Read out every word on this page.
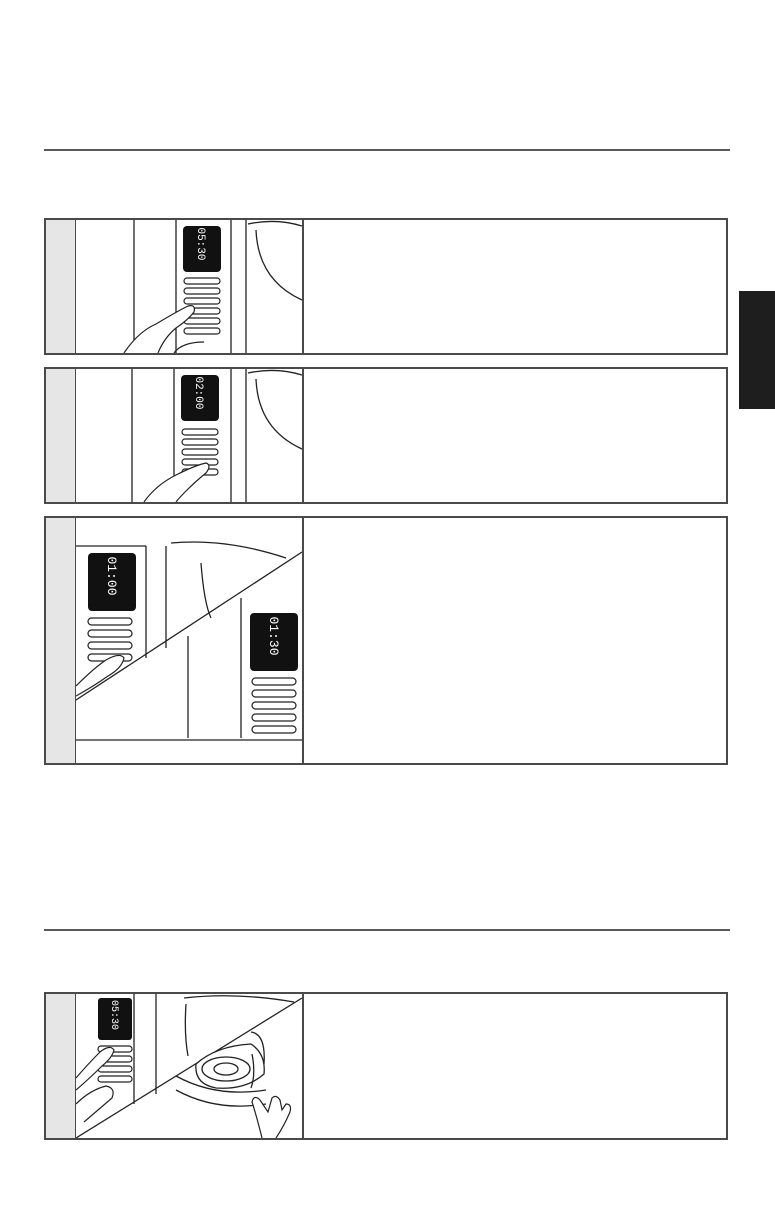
05:30
02:00
01:00
01:30
05:30
